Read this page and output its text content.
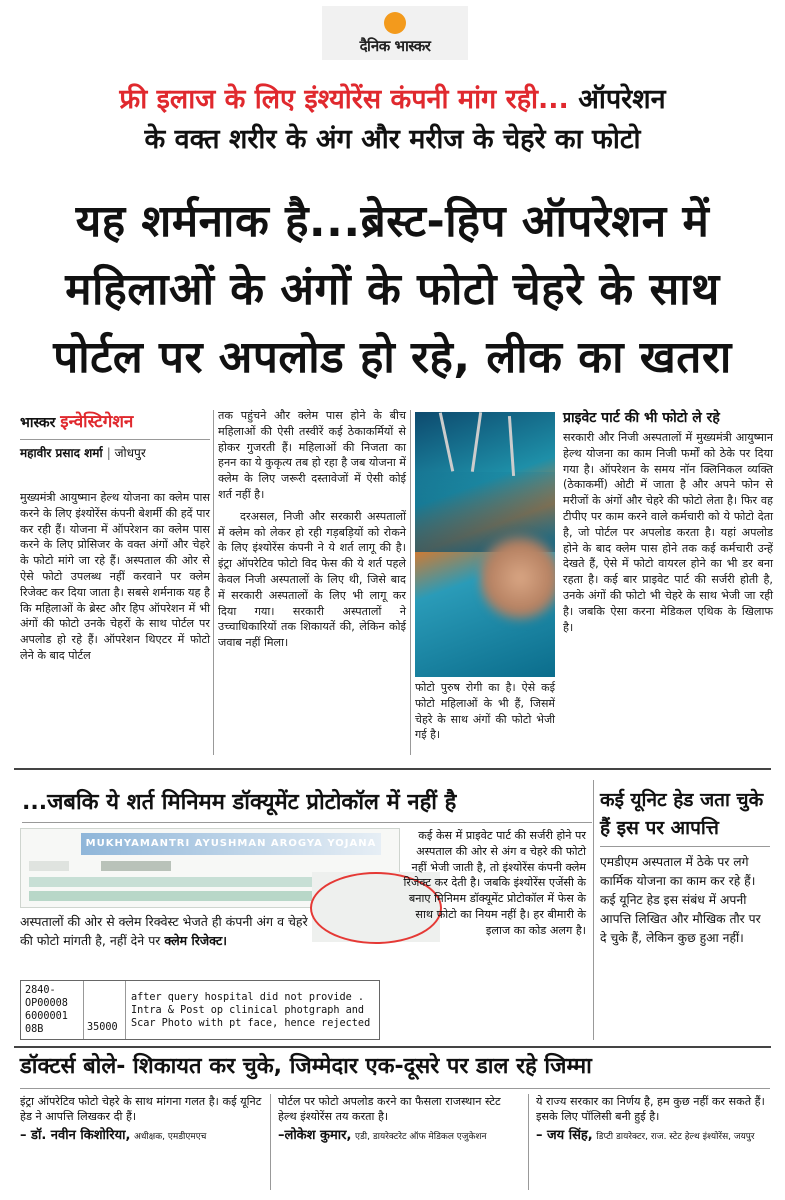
दैनिक भास्कर
फ्री इलाज के लिए इंश्योरेंस कंपनी मांग रही... ऑपरेशन
के वक्त शरीर के अंग और मरीज के चेहरे का फोटो
यह शर्मनाक है...ब्रेस्ट-हिप ऑपरेशन में
महिलाओं के अंगों के फोटो चेहरे के साथ
पोर्टल पर अपलोड हो रहे, लीक का खतरा
भास्कर इन्वेस्टिगेशन
महावीर प्रसाद शर्मा | जोधपुर

मुख्यमंत्री आयुष्मान हेल्थ योजना का क्लेम पास करने के लिए इंश्योरेंस कंपनी बेशर्मी की हदें पार कर रही हैं। योजना में ऑपरेशन का क्लेम पास करने के लिए प्रोसिजर के वक्त अंगों और चेहरे के फोटो मांगे जा रहे हैं। अस्पताल की ओर से ऐसे फोटो उपलब्ध नहीं करवाने पर क्लेम रिजेक्ट कर दिया जाता है। सबसे शर्मनाक यह है कि महिलाओं के ब्रेस्ट और हिप ऑपरेशन में भी अंगों की फोटो उनके चेहरों के साथ पोर्टल पर अपलोड हो रहे हैं। ऑपरेशन थिएटर में फोटो लेने के बाद पोर्टल

तक पहुंचने और क्लेम पास होने के बीच महिलाओं की ऐसी तस्वीरें कई ठेकाकर्मियों से होकर गुजरती हैं। महिलाओं की निजता का हनन का ये कुकृत्य तब हो रहा है जब योजना में क्लेम के लिए जरूरी दस्तावेजों में ऐसी कोई शर्त नहीं है।

दरअसल, निजी और सरकारी अस्पतालों में क्लेम को लेकर हो रही गड़बड़ियों को रोकने के लिए इंश्योरेंस कंपनी ने ये शर्त लागू की है। इंट्रा ऑपरेटिव फोटो विद फेस की ये शर्त पहले केवल निजी अस्पतालों के लिए थी, जिसे बाद में सरकारी अस्पतालों के लिए भी लागू कर दिया गया। सरकारी अस्पतालों ने उच्चाधिकारियों तक शिकायतें की, लेकिन कोई जवाब नहीं मिला।

फोटो पुरुष रोगी का है। ऐसे कई फोटो महिलाओं के भी हैं, जिसमें चेहरे के साथ अंगों की फोटो भेजी गई है।

प्राइवेट पार्ट की भी फोटो ले रहे

सरकारी और निजी अस्पतालों में मुख्यमंत्री आयुष्मान हेल्थ योजना का काम निजी फर्मों को ठेके पर दिया गया है। ऑपरेशन के समय नॉन क्लिनिकल व्यक्ति (ठेकाकर्मी) ओटी में जाता है और अपने फोन से मरीजों के अंगों और चेहरे की फोटो लेता है। फिर वह टीपीए पर काम करने वाले कर्मचारी को ये फोटो देता है, जो पोर्टल पर अपलोड करता है। यहां अपलोड होने के बाद क्लेम पास होने तक कई कर्मचारी उन्हें देखते हैं, ऐसे में फोटो वायरल होने का भी डर बना रहता है। कई बार प्राइवेट पार्ट की सर्जरी होती है, उनके अंगों की फोटो भी चेहरे के साथ भेजी जा रही है। जबकि ऐसा करना मेडिकल एथिक के खिलाफ है।

...जबकि ये शर्त मिनिमम डॉक्यूमेंट प्रोटोकॉल में नहीं है
MUKHYAMANTRI AYUSHMAN AROGYA YOJANA

अस्पतालों की ओर से क्लेम रिक्वेस्ट भेजते ही कंपनी अंग व चेहरे की फोटो मांगती है, नहीं देने पर क्लेम रिजेक्ट।

2840-
OP00008
6000001
08B	35000
after query hospital did not provide . Intra & Post op clinical photgraph and Scar Photo with pt face, hence rejected

कई केस में प्राइवेट पार्ट की सर्जरी होने पर अस्पताल की ओर से अंग व चेहरे की फोटो नहीं भेजी जाती है, तो इंश्योरेंस कंपनी क्लेम रिजेक्ट कर देती है। जबकि इंश्योरेंस एजेंसी के बनाए मिनिमम डॉक्यूमेंट प्रोटोकॉल में फेस के साथ फोटो का नियम नहीं है। हर बीमारी के इलाज का कोड अलग है।

कई यूनिट हेड जता चुके हैं इस पर आपत्ति

एमडीएम अस्पताल में ठेके पर लगे कार्मिक योजना का काम कर रहे हैं। कई यूनिट हेड इस संबंध में अपनी आपत्ति लिखित और मौखिक तौर पर दे चुके हैं, लेकिन कुछ हुआ नहीं।

डॉक्टर्स बोले- शिकायत कर चुके, जिम्मेदार एक-दूसरे पर डाल रहे जिम्मा

इंट्रा ऑपरेटिव फोटो चेहरे के साथ मांगना गलत है। कई यूनिट हेड ने आपत्ति लिखकर दी हैं।

– डॉ. नवीन किशोरिया, अधीक्षक, एमडीएमएच

पोर्टल पर फोटो अपलोड करने का फैसला राजस्थान स्टेट हेल्थ इंश्योरेंस तय करता है।

–लोकेश कुमार, एडी, डायरेक्टरेट ऑफ मेडिकल एजुकेशन

ये राज्य सरकार का निर्णय है, हम कुछ नहीं कर सकते हैं। इसके लिए पॉलिसी बनी हुई है।

– जय सिंह, डिप्टी डायरेक्टर, राज. स्टेट हेल्थ इंश्योरेंस, जयपुर
